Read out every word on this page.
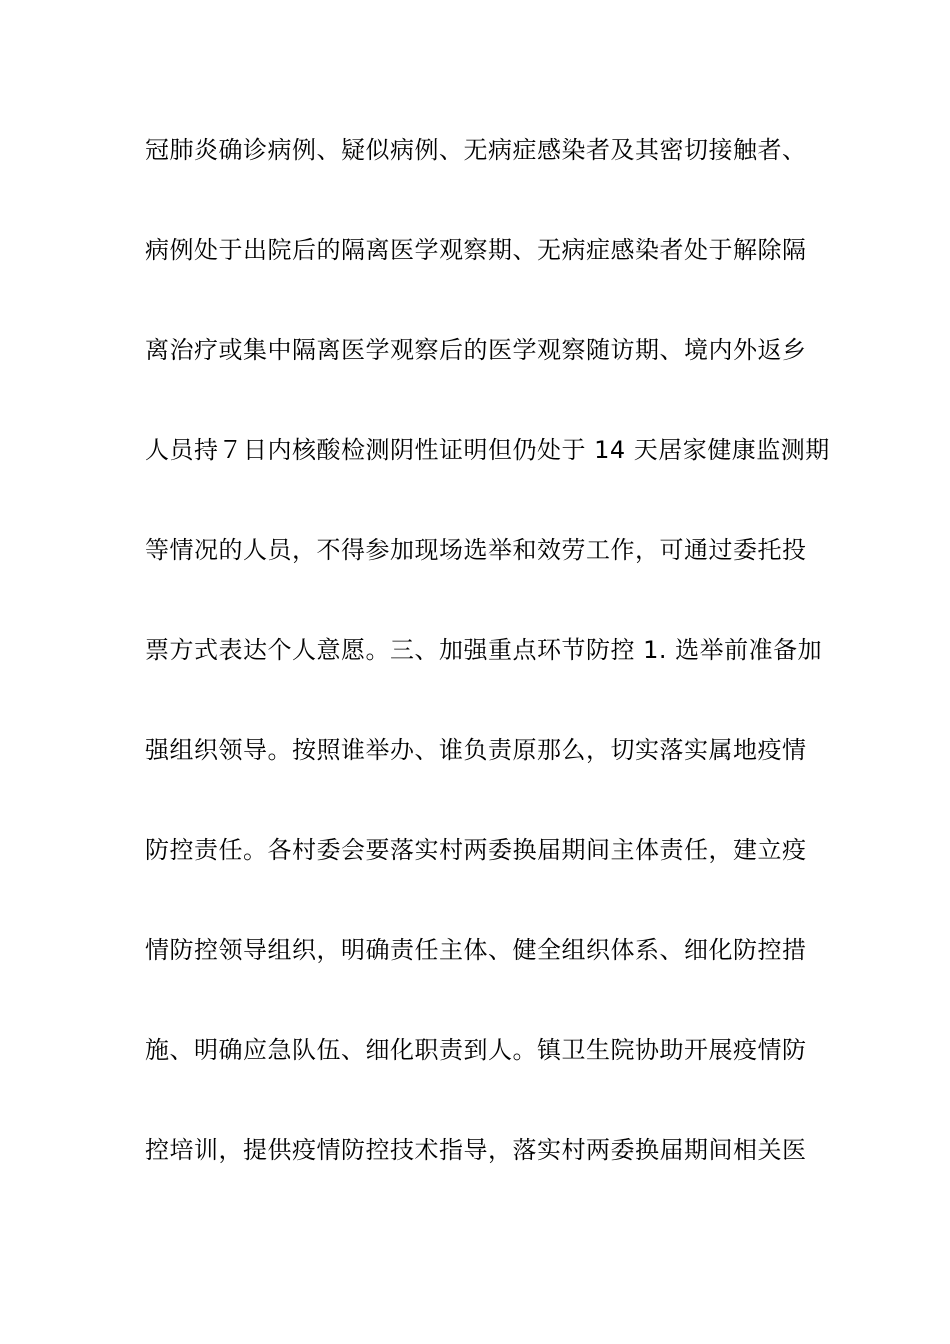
冠肺炎确诊病例、疑似病例、无病症感染者及其密切接触者、
病例处于出院后的隔离医学观察期、无病症感染者处于解除隔
离治疗或集中隔离医学观察后的医学观察随访期、境内外返乡
人员持７日内核酸检测阴性证明但仍处于 14 天居家健康监测期
等情况的人员，不得参加现场选举和效劳工作，可通过委托投
票方式表达个人意愿。三、加强重点环节防控 1. 选举前准备加
强组织领导。按照谁举办、谁负责原那么，切实落实属地疫情
防控责任。各村委会要落实村两委换届期间主体责任，建立疫
情防控领导组织，明确责任主体、健全组织体系、细化防控措
施、明确应急队伍、细化职责到人。镇卫生院协助开展疫情防
控培训，提供疫情防控技术指导，落实村两委换届期间相关医
